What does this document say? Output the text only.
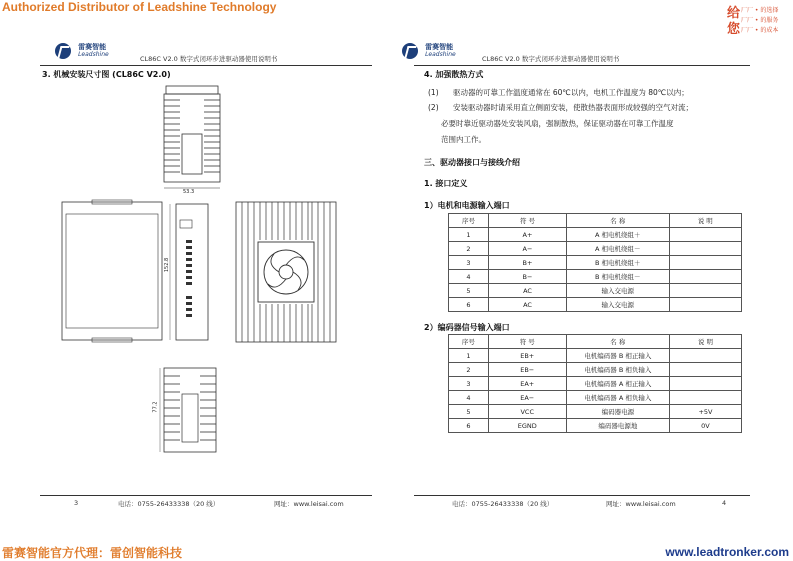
Authorized Distributor of Leadshine Technology	给
您
厂厂 • 的选择
厂厂 • 的服务
厂厂 • 的成本

雷赛智能
Leadshine
CL86C V2.0 数字式闭环步进驱动器使用说明书
3. 机械安装尺寸图 (CL86C V2.0)
53.3
152.8
77.2
3	电话：0755-26433338（20 线）	网址：www.leisai.com

雷赛智能
Leadshine
CL86C V2.0 数字式闭环步进驱动器使用说明书
4. 加强散热方式
(1) 驱动器的可靠工作温度通常在 60℃以内，电机工作温度为 80℃以内；
(2) 安装驱动器时请采用直立侧面安装，使散热器表面形成较强的空气对流；
必要时靠近驱动器处安装风扇，强制散热，保证驱动器在可靠工作温度
范围内工作。
三、驱动器接口与接线介绍
1. 接口定义
1）电机和电源输入端口
序号	符 号	名 称	说 明
1	A+	A 相电机绕组＋	
2	A−	A 相电机绕组－	
3	B+	B 相电机绕组＋	
4	B−	B 相电机绕组－	
5	AC	输入交电源	
6	AC	输入交电源	
2）编码器信号输入端口
序号	符 号	名 称	说 明
1	EB+	电机编码器 B 相正输入	
2	EB−	电机编码器 B 相负输入	
3	EA+	电机编码器 A 相正输入	
4	EA−	电机编码器 A 相负输入	
5	VCC	编码器电源	+5V
6	EGND	编码器电源地	0V
电话：0755-26433338（20 线）	网址：www.leisai.com	4
雷赛智能官方代理：雷创智能科技	www.leadtronker.com
